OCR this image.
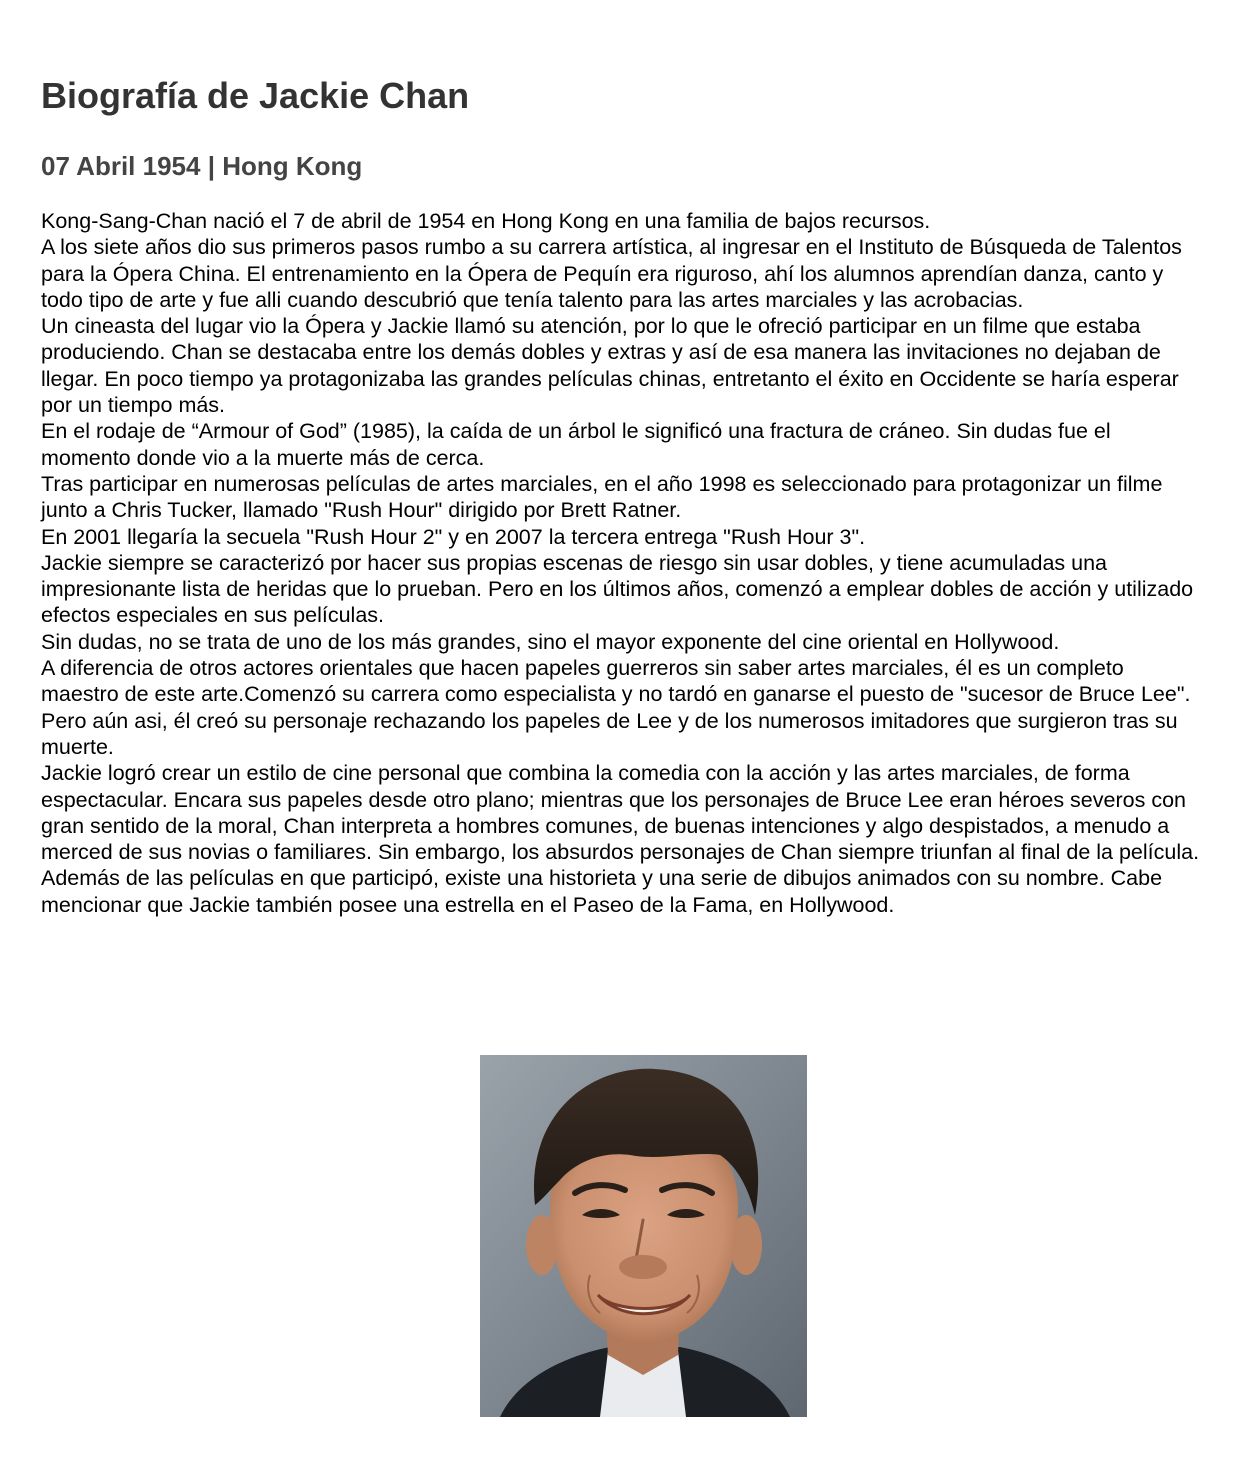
Biografía de Jackie Chan
07 Abril 1954 | Hong Kong

Kong-Sang-Chan nació el 7 de abril de 1954 en Hong Kong en una familia de bajos recursos.

A los siete años dio sus primeros pasos rumbo a su carrera artística, al ingresar en el Instituto de Búsqueda de Talentos para la Ópera China. El entrenamiento en la Ópera de Pequín era riguroso, ahí los alumnos aprendían danza, canto y todo tipo de arte y fue alli cuando descubrió que tenía talento para las artes marciales y las acrobacias.

Un cineasta del lugar vio la Ópera y Jackie llamó su atención, por lo que le ofreció participar en un filme que estaba produciendo. Chan se destacaba entre los demás dobles y extras y así de esa manera las invitaciones no dejaban de llegar. En poco tiempo ya protagonizaba las grandes películas chinas, entretanto el éxito en Occidente se haría esperar por un tiempo más.

En el rodaje de “Armour of God” (1985), la caída de un árbol le significó una fractura de cráneo. Sin dudas fue el momento donde vio a la muerte más de cerca.

Tras participar en numerosas películas de artes marciales, en el año 1998 es seleccionado para protagonizar un filme junto a Chris Tucker, llamado "Rush Hour" dirigido por Brett Ratner.

En 2001 llegaría la secuela "Rush Hour 2" y en 2007 la tercera entrega "Rush Hour 3".

Jackie siempre se caracterizó por hacer sus propias escenas de riesgo sin usar dobles, y tiene acumuladas una impresionante lista de heridas que lo prueban. Pero en los últimos años, comenzó a emplear dobles de acción y utilizado efectos especiales en sus películas.

Sin dudas, no se trata de uno de los más grandes, sino el mayor exponente del cine oriental en Hollywood.

A diferencia de otros actores orientales que hacen papeles guerreros sin saber artes marciales, él es un completo maestro de este arte.Comenzó su carrera como especialista y no tardó en ganarse el puesto de "sucesor de Bruce Lee".

Pero aún asi, él creó su personaje rechazando los papeles de Lee y de los numerosos imitadores que surgieron tras su muerte.

Jackie logró crear un estilo de cine personal que combina la comedia con la acción y las artes marciales, de forma espectacular. Encara sus papeles desde otro plano; mientras que los personajes de Bruce Lee eran héroes severos con gran sentido de la moral, Chan interpreta a hombres comunes, de buenas intenciones y algo despistados, a menudo a merced de sus novias o familiares. Sin embargo, los absurdos personajes de Chan siempre triunfan al final de la película.

Además de las películas en que participó, existe una historieta y una serie de dibujos animados con su nombre. Cabe mencionar que Jackie también posee una estrella en el Paseo de la Fama, en Hollywood.
